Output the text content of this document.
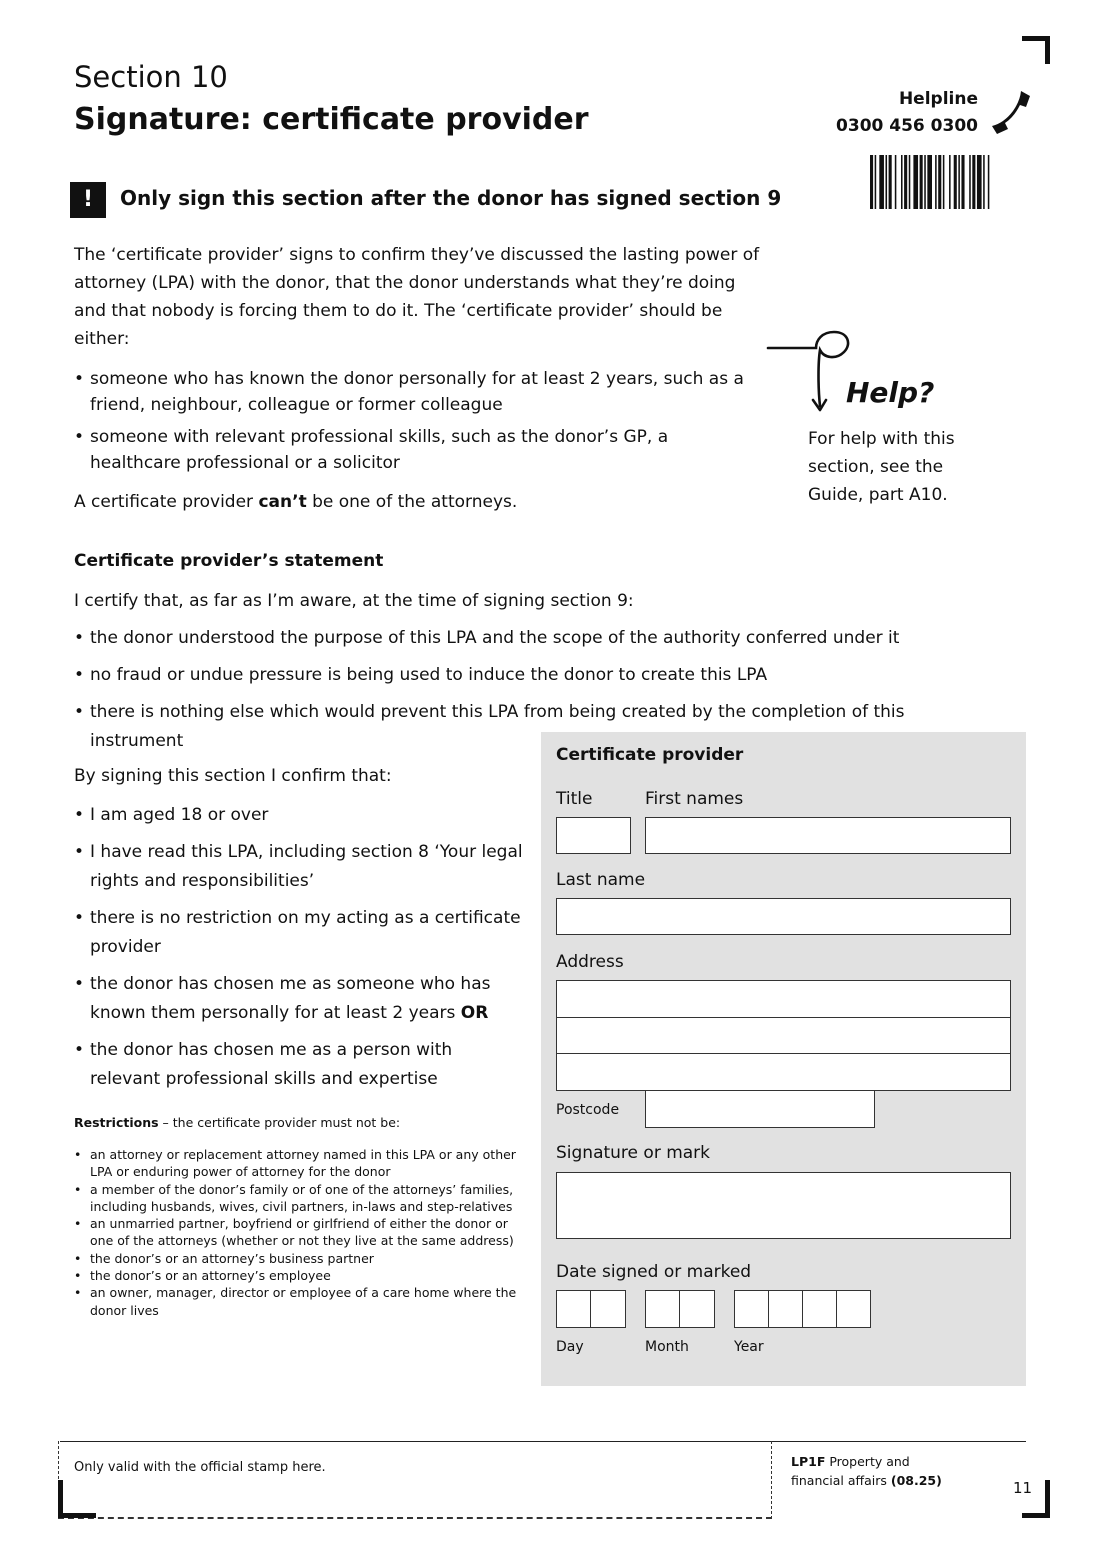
Section 10
Signature: certificate provider
Helpline
0300 456 0300
!	Only sign this section after the donor has signed section 9

The ‘certificate provider’ signs to confirm they’ve discussed the lasting power of attorney (LPA) with the donor, that the donor understands what they’re doing and that nobody is forcing them to do it. The ‘certificate provider’ should be either:

• someone who has known the donor personally for at least 2 years, such as a friend, neighbour, colleague or former colleague
• someone with relevant professional skills, such as the donor’s GP, a healthcare professional or a solicitor
A certificate provider can’t be one of the attorneys.
Help?
For help with this section, see the Guide, part A10.
Certificate provider’s statement
I certify that, as far as I’m aware, at the time of signing section 9:
• the donor understood the purpose of this LPA and the scope of the authority conferred under it
• no fraud or undue pressure is being used to induce the donor to create this LPA
• there is nothing else which would prevent this LPA from being created by the completion of this instrument
By signing this section I confirm that:
• I am aged 18 or over
• I have read this LPA, including section 8 ‘Your legal rights and responsibilities’
• there is no restriction on my acting as a certificate provider
• the donor has chosen me as someone who has known them personally for at least 2 years OR
• the donor has chosen me as a person with relevant professional skills and expertise
Restrictions – the certificate provider must not be:
• an attorney or replacement attorney named in this LPA or any other LPA or enduring power of attorney for the donor
• a member of the donor’s family or of one of the attorneys’ families, including husbands, wives, civil partners, in-laws and step-relatives
• an unmarried partner, boyfriend or girlfriend of either the donor or one of the attorneys (whether or not they live at the same address)
• the donor’s or an attorney’s business partner
• the donor’s or an attorney’s employee
• an owner, manager, director or employee of a care home where the donor lives
Certificate provider
Title	First names
Last name
Address
Postcode
Signature or mark
Date signed or marked
Day	Month	Year
Only valid with the official stamp here.	LP1F Property and
financial affairs (08.25)	11
